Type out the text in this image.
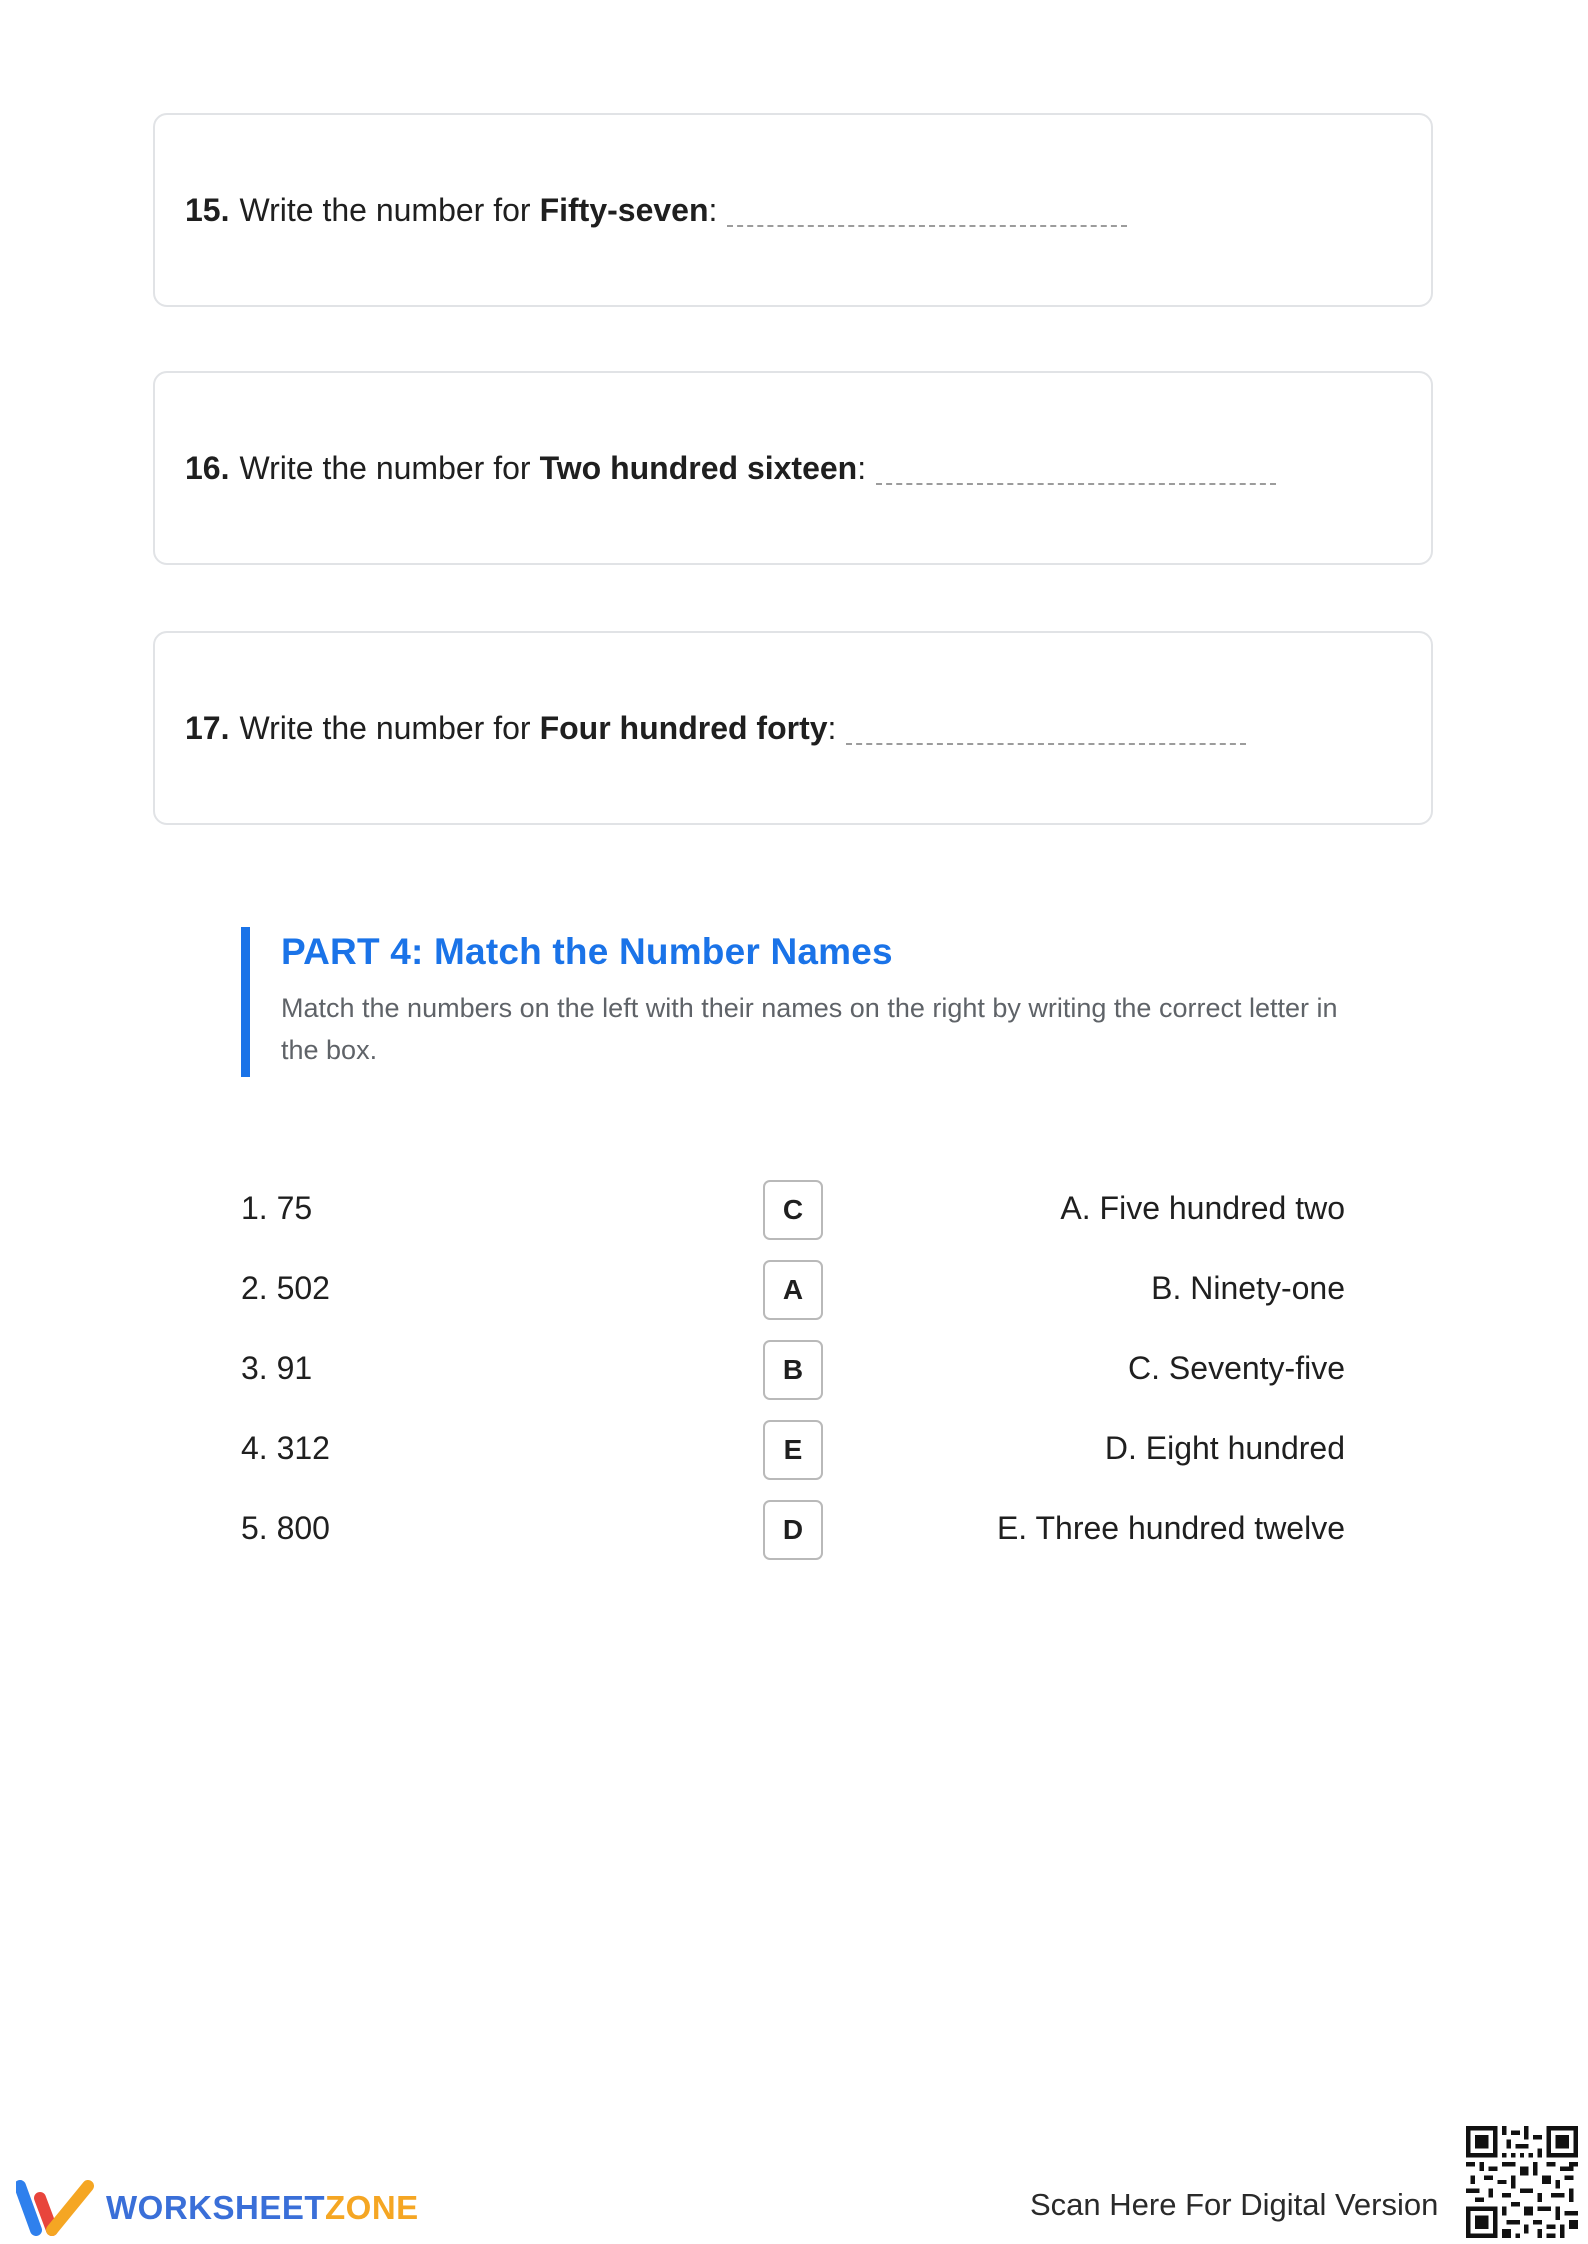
15. Write the number for Fifty-seven :
16. Write the number for Two hundred sixteen :
17. Write the number for Four hundred forty :
PART 4: Match the Number Names
Match the numbers on the left with their names on the right by writing the correct letter in the box.
1. 75	C	A. Five hundred two
2. 502	A	B. Ninety-one
3. 91	B	C. Seventy-five
4. 312	E	D. Eight hundred
5. 800	D	E. Three hundred twelve
WORKSHEETZONE	Scan Here For Digital Version
